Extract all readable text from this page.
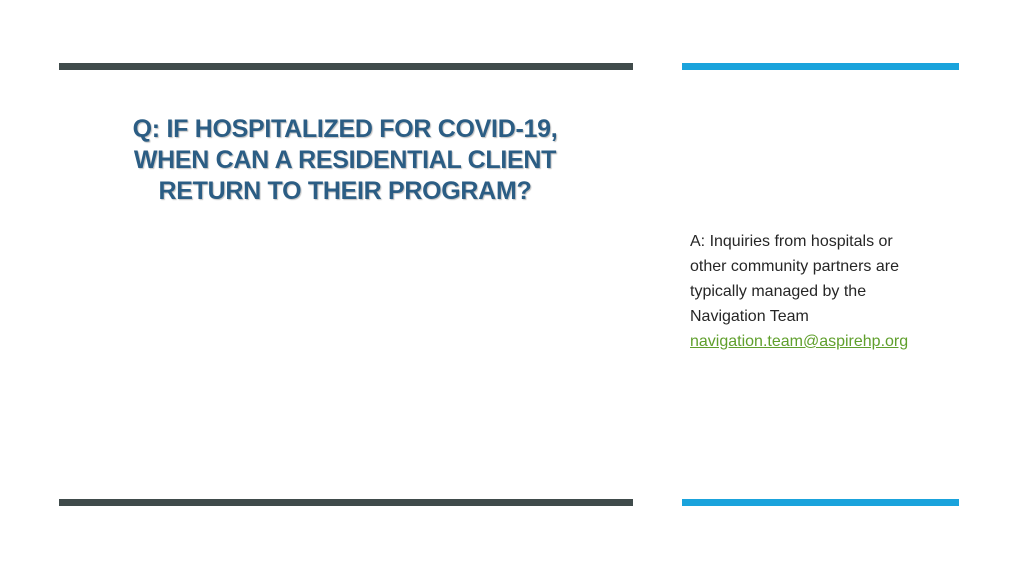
Q: IF HOSPITALIZED FOR COVID-19,
WHEN CAN A RESIDENTIAL CLIENT
RETURN TO THEIR PROGRAM?
A: Inquiries from hospitals or
other community partners are
typically managed by the
Navigation Team
navigation.team@aspirehp.org
